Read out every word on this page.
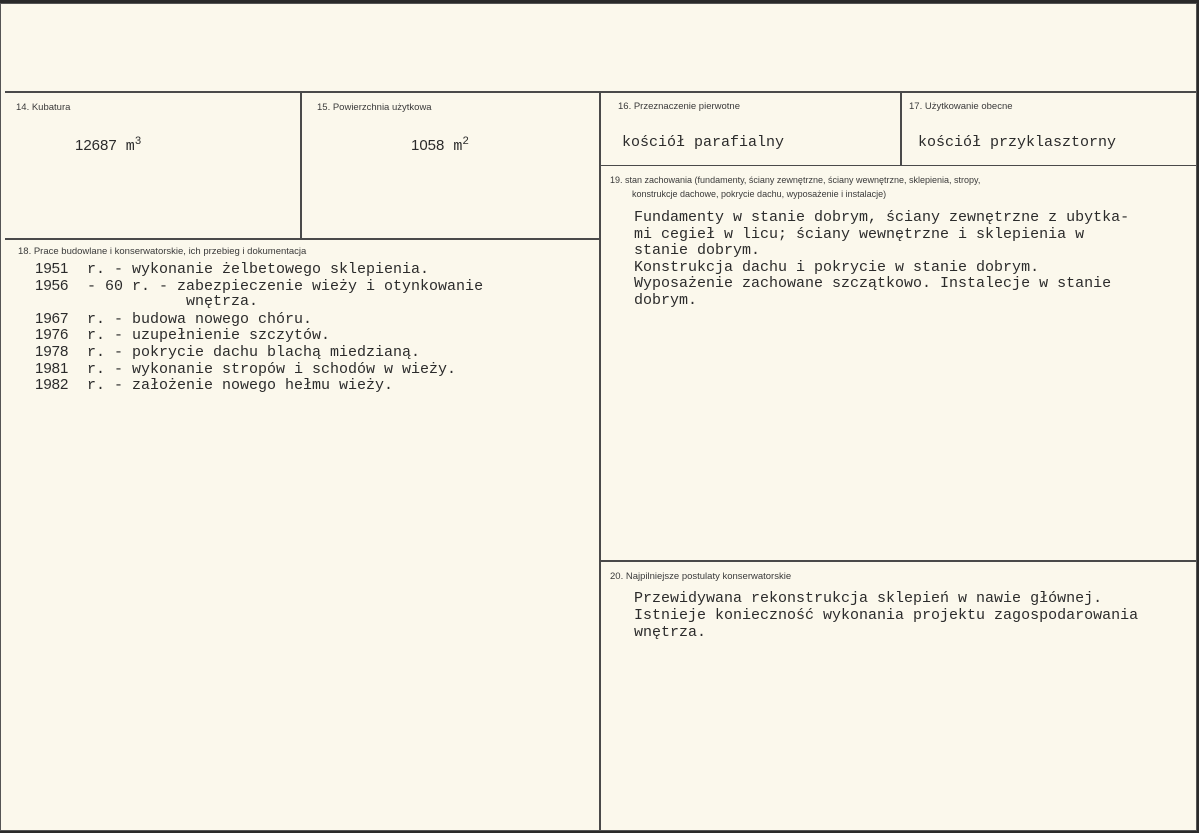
14. Kubatura
12687 $m^3$
15. Powierzchnia użytkowa
1058 $m^2$
16. Przeznaczenie pierwotne
kościół parafialny
17. Użytkowanie obecne
kościół przyklasztorny
18. Prace budowlane i konserwatorskie, ich przebieg i dokumentacja
1951 r. - wykonanie żelbetowego sklepienia.
1956 - 60 r. - zabezpieczenie wieży i otynkowanie
wnętrza.
1967 r. - budowa nowego chóru.
1976 r. - uzupełnienie szczytów.
1978 r. - pokrycie dachu blachą miedzianą.
1981 r. - wykonanie stropów i schodów w wieży.
1982 r. - założenie nowego hełmu wieży.
19. stan zachowania (fundamenty, ściany zewnętrzne, ściany wewnętrzne, sklepienia, stropy,
konstrukcje dachowe, pokrycie dachu, wyposażenie i instalacje)
Fundamenty w stanie dobrym, ściany zewnętrzne z ubytka-
mi cegieł w licu; ściany wewnętrzne i sklepienia w
stanie dobrym.
Konstrukcja dachu i pokrycie w stanie dobrym.
Wyposażenie zachowane szczątkowo. Instalecje w stanie
dobrym.
20. Najpilniejsze postulaty konserwatorskie
Przewidywana rekonstrukcja sklepień w nawie głównej.
Istnieje konieczność wykonania projektu zagospodarowania
wnętrza.
